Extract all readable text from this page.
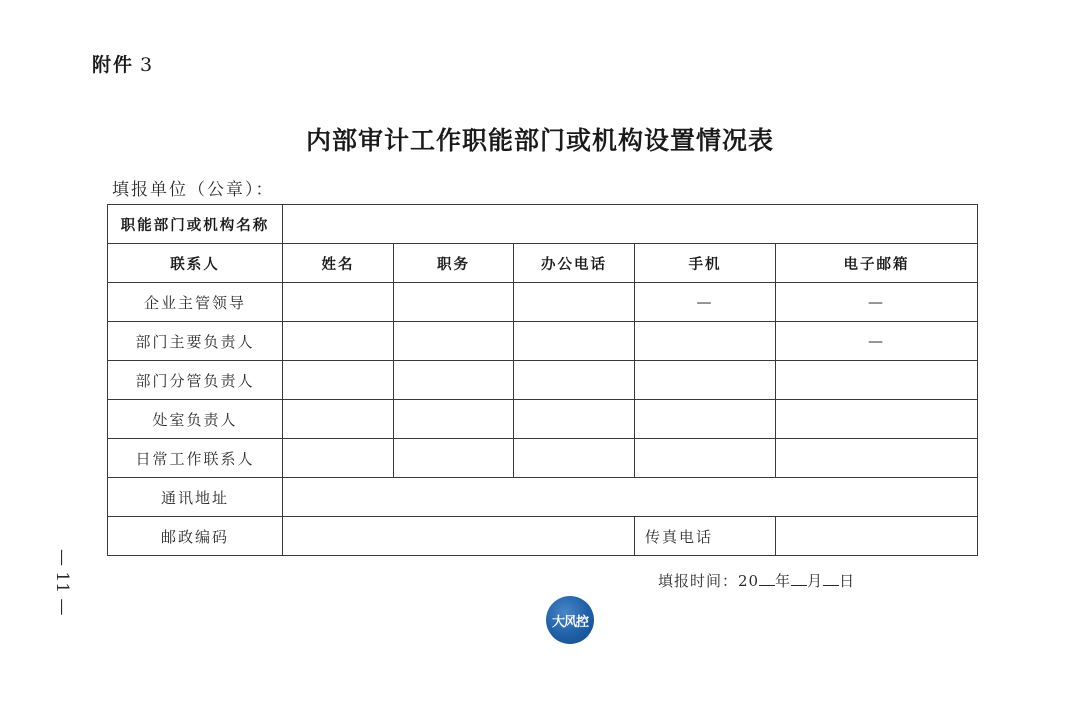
附件 3
内部审计工作职能部门或机构设置情况表
填报单位（公章）：
职能部门或机构名称					
联系人	姓名	职务	办公电话	手机	电子邮箱
企业主管领导				—	—
部门主要负责人					—
部门分管负责人					
处室负责人					
日常工作联系人					
通讯地址					
邮政编码				传真电话	
填报时间：20 年 月 日
— 11 —
大风控
